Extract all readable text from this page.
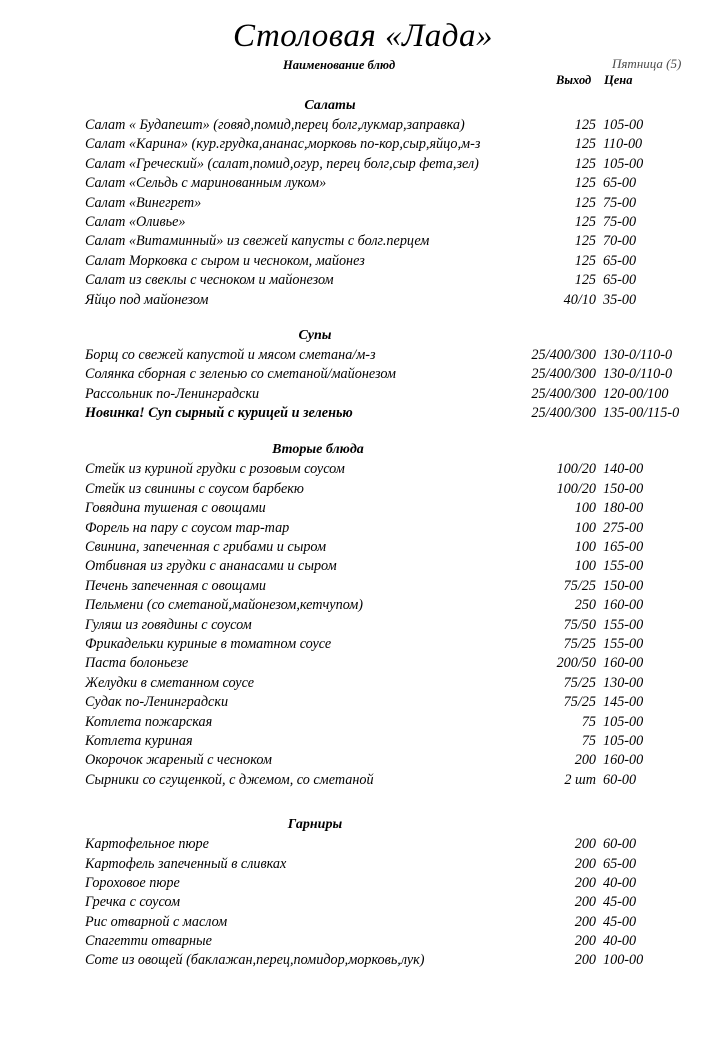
Столовая «Лада»
Наименование блюд	Пятница (5)
Выход Цена
Салаты
Салат « Будапешт» (говяд,помид,перец болг,лукмар,заправка)	125 105-00
Салат «Карина» (кур.грудка,ананас,морковь по-кор,сыр,яйцо,м-з	125 110-00
Салат «Греческий» (салат,помид,огур, перец болг,сыр фета,зел)	125 105-00
Салат «Сельдь с маринованным луком»	125 65-00
Салат «Винегрет»	125 75-00
Салат «Оливье»	125 75-00
Салат «Витаминный» из свежей капусты с болг.перцем	125 70-00
Салат Морковка с сыром и чесноком, майонез	125 65-00
Салат из свеклы с чесноком и майонезом	125 65-00
Яйцо под майонезом	40/10 35-00
Супы
Борщ со свежей капустой и мясом сметана/м-з	25/400/300 130-0/110-0
Солянка сборная с зеленью со сметаной/майонезом	25/400/300 130-0/110-0
Рассольник по-Ленинградски	25/400/300 120-00/100
Новинка! Суп сырный с курицей и зеленью	25/400/300 135-00/115-0
Вторые блюда
Стейк из куриной грудки с розовым соусом	100/20 140-00
Стейк из свинины с соусом барбекю	100/20 150-00
Говядина тушеная с овощами	100 180-00
Форель на пару с соусом тар-тар	100 275-00
Свинина, запеченная с грибами и сыром	100 165-00
Отбивная из грудки с ананасами и сыром	100 155-00
Печень запеченная с овощами	75/25 150-00
Пельмени (со сметаной,майонезом,кетчупом)	250 160-00
Гуляш из говядины с соусом	75/50 155-00
Фрикадельки куриные в томатном соусе	75/25 155-00
Паста болоньезе	200/50 160-00
Желудки в сметанном соусе	75/25 130-00
Судак по-Ленинградски	75/25 145-00
Котлета пожарская	75 105-00
Котлета куриная	75 105-00
Окорочок жареный с чесноком	200 160-00
Сырники со сгущенкой, с джемом, со сметаной	2 шт 60-00
Гарниры
Картофельное пюре	200 60-00
Картофель запеченный в сливках	200 65-00
Гороховое пюре	200 40-00
Гречка с соусом	200 45-00
Рис отварной с маслом	200 45-00
Спагетти отварные	200 40-00
Соте из овощей (баклажан,перец,помидор,морковь,лук)	200 100-00
